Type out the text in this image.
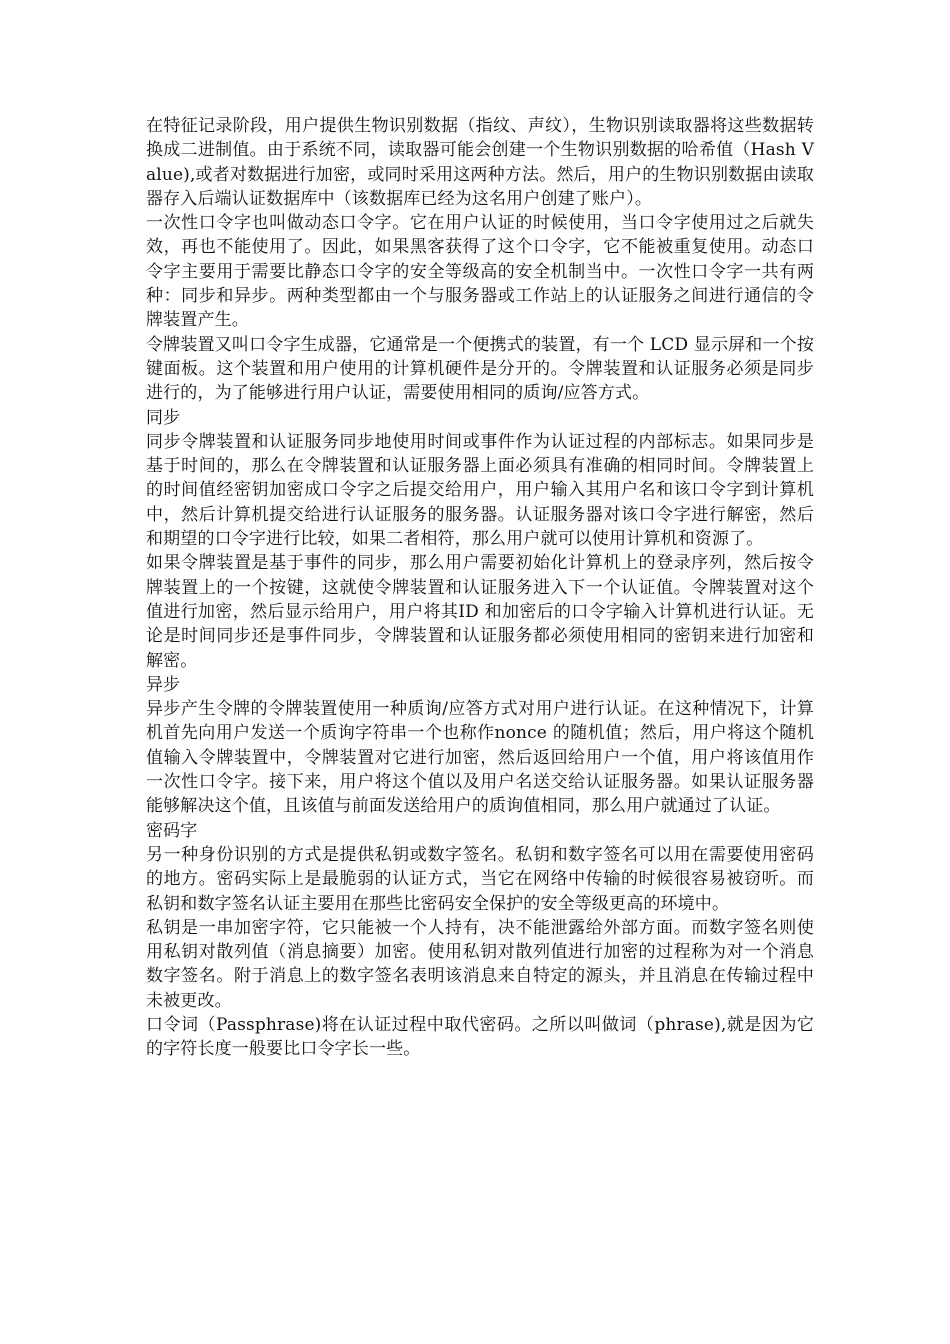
在特征记录阶段，用户提供生物识别数据（指纹、声纹），生物识别读取器将这些数据转换成二进制值。由于系统不同，读取器可能会创建一个生物识别数据的哈希值（Hash Value),或者对数据进行加密，或同时采用这两种方法。然后，用户的生物识别数据由读取器存入后端认证数据库中（该数据库已经为这名用户创建了账户）。

一次性口令字也叫做动态口令字。它在用户认证的时候使用，当口令字使用过之后就失效，再也不能使用了。因此，如果黑客获得了这个口令字，它不能被重复使用。动态口令字主要用于需要比静态口令字的安全等级高的安全机制当中。一次性口令字一共有两种：同步和异步。两种类型都由一个与服务器或工作站上的认证服务之间进行通信的令牌装置产生。

令牌装置又叫口令字生成器，它通常是一个便携式的装置，有一个 LCD 显示屏和一个按键面板。这个装置和用户使用的计算机硬件是分开的。令牌装置和认证服务必须是同步进行的，为了能够进行用户认证，需要使用相同的质询/应答方式。

同步

同步令牌装置和认证服务同步地使用时间或事件作为认证过程的内部标志。如果同步是基于时间的，那么在令牌装置和认证服务器上面必须具有准确的相同时间。令牌装置上的时间值经密钥加密成口令字之后提交给用户，用户输入其用户名和该口令字到计算机中，然后计算机提交给进行认证服务的服务器。认证服务器对该口令字进行解密，然后和期望的口令字进行比较，如果二者相符，那么用户就可以使用计算机和资源了。

如果令牌装置是基于事件的同步，那么用户需要初始化计算机上的登录序列，然后按令牌装置上的一个按键，这就使令牌装置和认证服务进入下一个认证值。令牌装置对这个值进行加密，然后显示给用户，用户将其ID 和加密后的口令字输入计算机进行认证。无论是时间同步还是事件同步，令牌装置和认证服务都必须使用相同的密钥来进行加密和解密。

异步

异步产生令牌的令牌装置使用一种质询/应答方式对用户进行认证。在这种情况下，计算机首先向用户发送一个质询字符串一个也称作nonce 的随机值；然后，用户将这个随机值输入令牌装置中，令牌装置对它进行加密，然后返回给用户一个值，用户将该值用作一次性口令字。接下来，用户将这个值以及用户名送交给认证服务器。如果认证服务器能够解决这个值，且该值与前面发送给用户的质询值相同，那么用户就通过了认证。

密码字

另一种身份识别的方式是提供私钥或数字签名。私钥和数字签名可以用在需要使用密码的地方。密码实际上是最脆弱的认证方式，当它在网络中传输的时候很容易被窃听。而私钥和数字签名认证主要用在那些比密码安全保护的安全等级更高的环境中。

私钥是一串加密字符，它只能被一个人持有，决不能泄露给外部方面。而数字签名则使用私钥对散列值（消息摘要）加密。使用私钥对散列值进行加密的过程称为对一个消息数字签名。附于消息上的数字签名表明该消息来自特定的源头，并且消息在传输过程中未被更改。

口令词（Passphrase)将在认证过程中取代密码。之所以叫做词（phrase),就是因为它的字符长度一般要比口令字长一些。
